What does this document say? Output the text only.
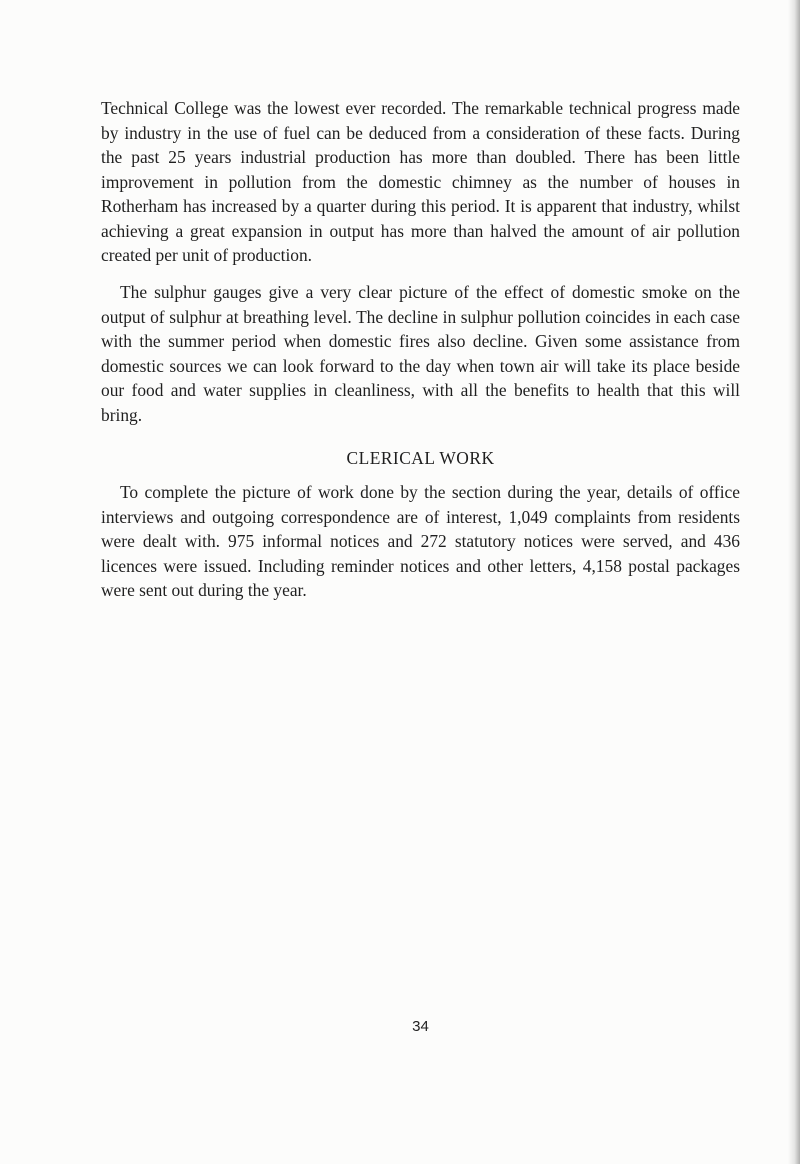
Technical College was the lowest ever recorded. The remarkable technical progress made by industry in the use of fuel can be deduced from a consideration of these facts. During the past 25 years industrial production has more than doubled. There has been little improvement in pollution from the domestic chimney as the number of houses in Rotherham has increased by a quarter during this period. It is apparent that industry, whilst achieving a great expansion in output has more than halved the amount of air pollution created per unit of production.

The sulphur gauges give a very clear picture of the effect of domestic smoke on the output of sulphur at breathing level. The decline in sulphur pollution coincides in each case with the summer period when domestic fires also decline. Given some assistance from domestic sources we can look forward to the day when town air will take its place beside our food and water supplies in cleanliness, with all the benefits to health that this will bring.

CLERICAL WORK

To complete the picture of work done by the section during the year, details of office interviews and outgoing correspondence are of interest, 1,049 complaints from residents were dealt with. 975 informal notices and 272 statutory notices were served, and 436 licences were issued. Including reminder notices and other letters, 4,158 postal packages were sent out during the year.

34
